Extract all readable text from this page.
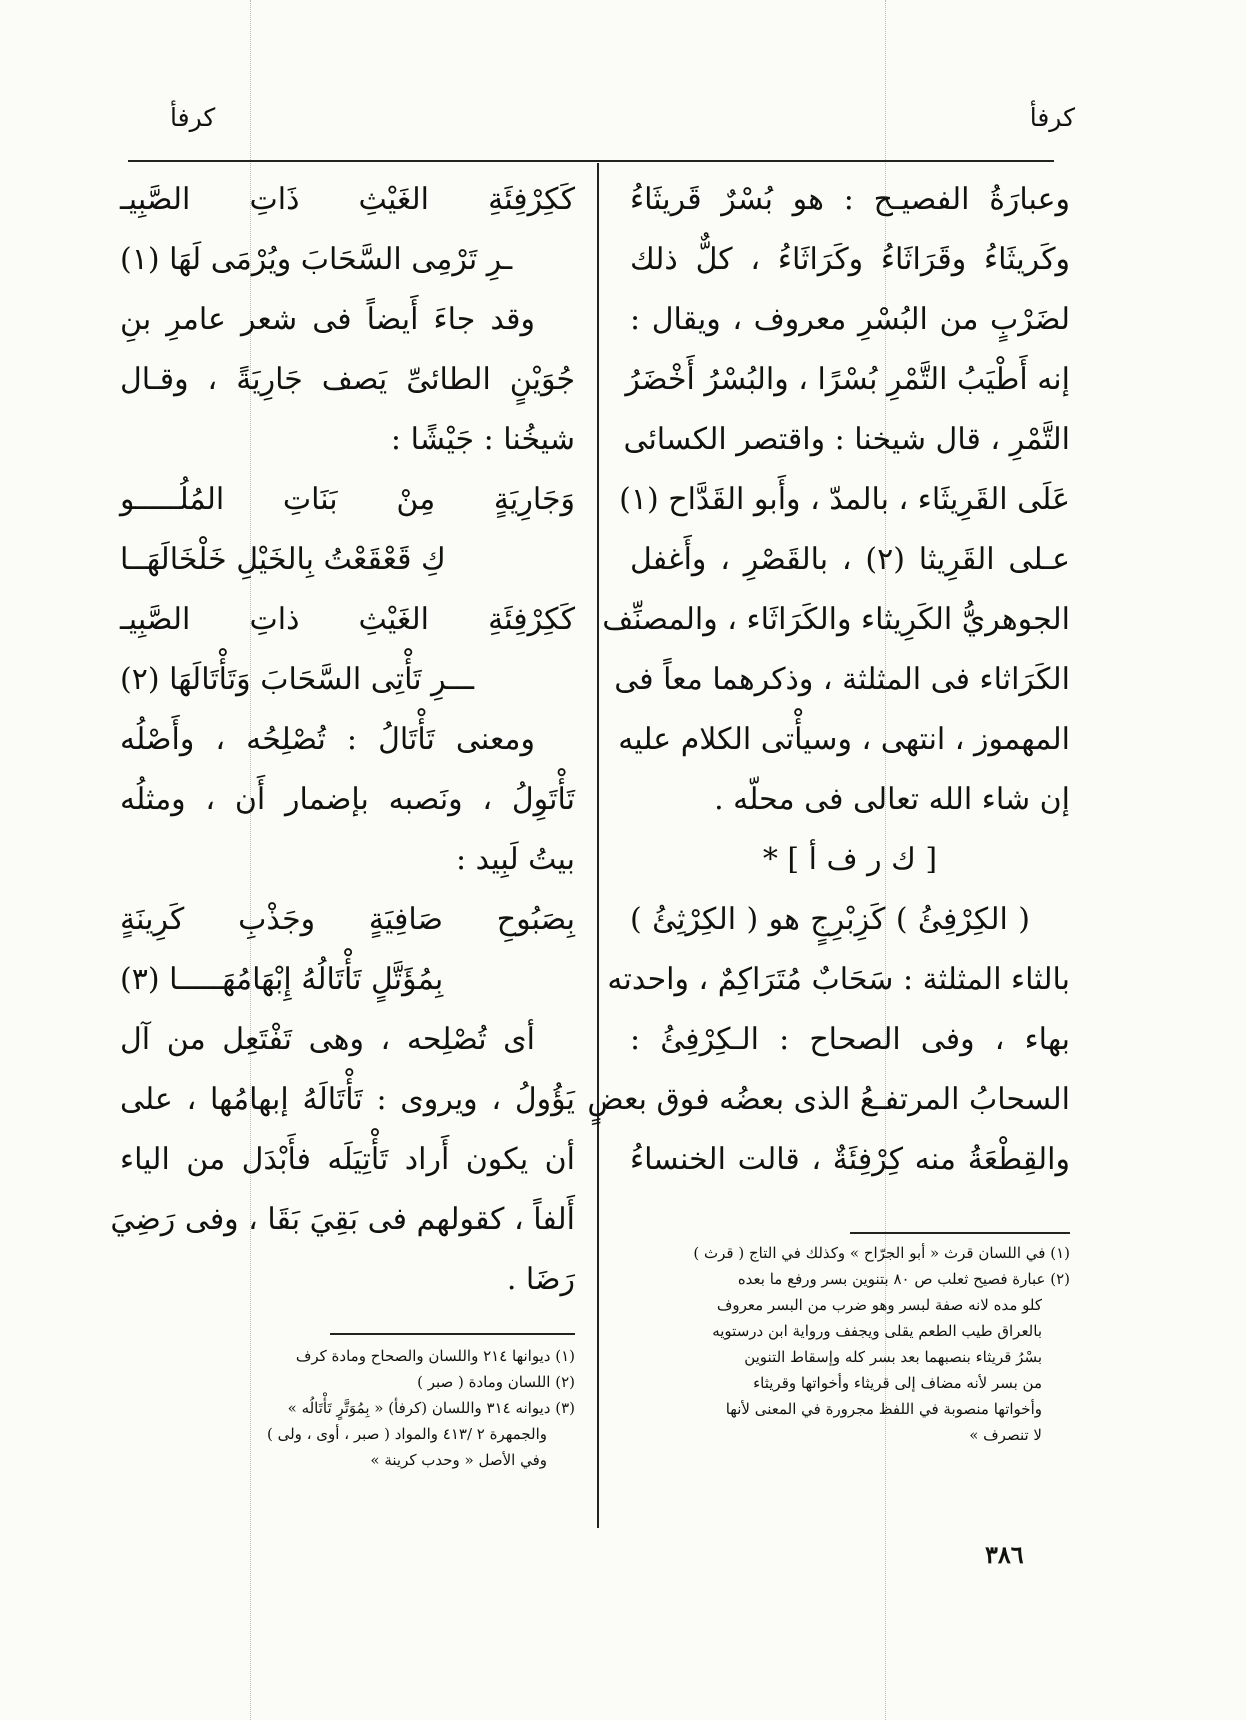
كرفأ
كرفأ
وعبارَةُ الفصيـح : هو بُسْرٌ قَريثَاءُ
وكَريثَاءُ وقَرَاثَاءُ وكَرَاثَاءُ ، كلٌّ ذلك
لضَرْبٍ من البُسْرِ معروف ، ويقال :
إنه أَطْيَبُ التَّمْرِ بُسْرًا ، والبُسْرُ أَخْضَرُ
التَّمْرِ ، قال شيخنا : واقتصر الكسائى
عَلَى القَرِيثَاء ، بالمدّ ، وأَبو القَدَّاح (١)
عـلى القَرِيثا (٢) ، بالقَصْرِ ، وأَغفل
الجوهريُّ الكَرِيثاء والكَرَاثَاء ، والمصنِّف
الكَرَاثاء فى المثلثة ، وذكرهما معاً فى
المهموز ، انتهى ، وسيأْتى الكلام عليه
إن شاء الله تعالى فى محلّه .
[ ك ر ف أ ] *
( الكِرْفِئُ ) كَزِبْرِجٍ هو ( الكِرْثِئُ )
بالثاء المثلثة : سَحَابٌ مُتَرَاكِمٌ ، واحدته
بهاء ، وفى الصحاح : الـكِرْفِئُ :
السحابُ المرتفـعُ الذى بعضُه فوق بعضٍ
والقِطْعَةُ منه كِرْفِئَةٌ ، قالت الخنساءُ
كَكِرْفِئَةِ الغَيْثِ ذَاتِ الصَّبِيـ
ـرِ تَرْمِى السَّحَابَ ويُرْمَى لَهَا (١)
وقد جاءَ أَيضاً فى شعر عامرِ بنِ
جُوَيْنٍ الطائىِّ يَصف جَارِيَةً ، وقـال
شيخُنا : جَيْشًا :
وَجَارِيَةٍ مِنْ بَنَاتِ المُلُـــــو
كِ قَعْقَعْتُ بِالخَيْلِ خَلْخَالَهَــا
كَكِرْفِئَةِ الغَيْثِ ذاتِ الصَّبِيـ
ـــرِ تَأْتِى السَّحَابَ وَتَأْتَالَهَا (٢)
ومعنى تَأْتَالُ : تُصْلِحُه ، وأَصْلُه
تَأْتَوِلُ ، ونَصبه بإضمار أَن ، ومثلُه
بيتُ لَبِيد :
بِصَبُوحِ صَافِيَةٍ وجَذْبِ كَرِينَةٍ
بِمُؤَتَّلٍ تَأْتَالُهُ إِبْهَامُهَـــــا (٣)
أى تُصْلِحه ، وهى تَفْتَعِل من آل
يَؤُولُ ، ويروى : تَأْتَالَهُ إبهامُها ، على
أن يكون أَراد تَأْتِيَلَه فأَبْدَل من الياء
أَلفاً ، كقولهم فى بَقِيَ بَقَا ، وفى رَضِيَ
رَضَا .
(١) في اللسان قرث « أبو الجرّاح » وكذلك في التاج ( قرث )
(٢) عبارة فصيح ثعلب ص ٨٠ بتنوين بسر ورفع ما بعده
كلو مده لانه صفة لبسر وهو ضرب من البسر معروف
بالعراق طيب الطعم يقلى ويجفف ورواية ابن درستويه
بسْرُ قريثاء بنصبهما بعد بسر كله وإسقاط التنوين
من بسر لأنه مضاف إلى قريثاء وأخواتها وقريثاء
وأخواتها منصوبة في اللفظ مجرورة في المعنى لأنها
لا تنصرف »
(١) ديوانها ٢١٤ واللسان والصحاح ومادة كرف
(٢) اللسان ومادة ( صبر )
(٣) ديوانه ٣١٤ واللسان (كرفأ) « بِمُوَتَّرٍ تَأْتَالُه »
والجمهرة ٢ /٤١٣ والمواد ( صبر ، أوى ، ولى )
وفي الأصل « وحدب كرينة »
٣٨٦
